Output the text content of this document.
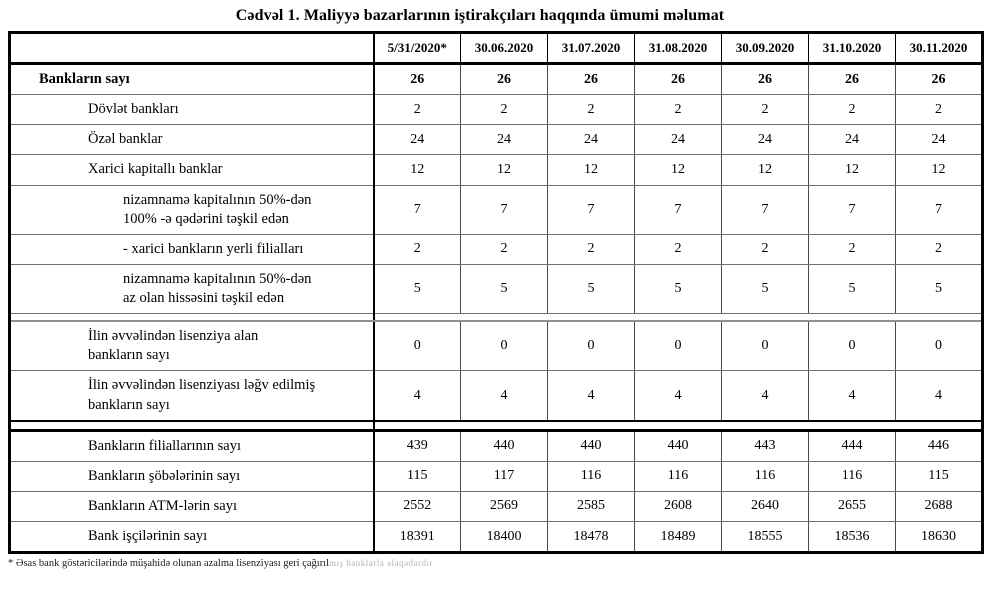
Cədvəl 1. Maliyyə bazarlarının iştirakçıları haqqında ümumi məlumat
	5/31/2020*	30.06.2020	31.07.2020	31.08.2020	30.09.2020	31.10.2020	30.11.2020
Bankların sayı	26	26	26	26	26	26	26
Dövlət bankları	2	2	2	2	2	2	2
Özəl banklar	24	24	24	24	24	24	24
Xarici kapitallı banklar	12	12	12	12	12	12	12

nizamnamə kapitalının 50%-dən
100% -ə qədərini təşkil edən	7	7	7	7	7	7	7
- xarici bankların yerli filialları	2	2	2	2	2	2	2

nizamnamə kapitalının 50%-dən
az olan hissəsini təşkil edən	5	5	5	5	5	5	5

İlin əvvəlindən lisenziya alan
bankların sayı	0	0	0	0	0	0	0

İlin əvvəlindən lisenziyası ləğv edilmiş
bankların sayı	4	4	4	4	4	4	4

Bankların filiallarının sayı	439	440	440	440	443	444	446
Bankların şöbələrinin sayı	115	117	116	116	116	116	115
Bankların ATM-lərin sayı	2552	2569	2585	2608	2640	2655	2688
Bank işçilərinin sayı	18391	18400	18478	18489	18555	18536	18630
* Əsas bank göstəricilərində müşahidə olunan azalma lisenziyası geri çağırılmış banklarla əlaqədardır
